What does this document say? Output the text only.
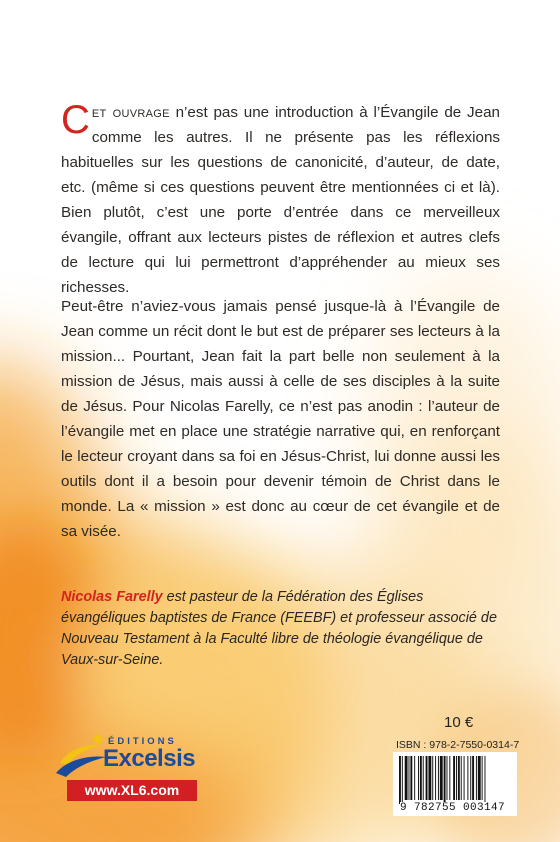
Cet ouvrage n’est pas une introduction à l’Évangile de Jean comme les autres. Il ne présente pas les réflexions habituelles sur les questions de canonicité, d’auteur, de date, etc. (même si ces questions peuvent être mentionnées ci et là). Bien plutôt, c’est une porte d’entrée dans ce merveilleux évangile, offrant aux lecteurs pistes de réflexion et autres clefs de lecture qui lui permettront d’appréhender au mieux ses richesses.

Peut-être n’aviez-vous jamais pensé jusque-là à l’Évangile de Jean comme un récit dont le but est de préparer ses lecteurs à la mission... Pourtant, Jean fait la part belle non seulement à la mission de Jésus, mais aussi à celle de ses disciples à la suite de Jésus. Pour Nicolas Farelly, ce n’est pas anodin : l’auteur de l’évangile met en place une stratégie narrative qui, en renforçant le lecteur croyant dans sa foi en Jésus-Christ, lui donne aussi les outils dont il a besoin pour devenir témoin de Christ dans le monde. La « mission » est donc au cœur de cet évangile et de sa visée.

Nicolas Farelly est pasteur de la Fédération des Églises évangéliques baptistes de France (FEEBF) et professeur associé de Nouveau Testament à la Faculté libre de théologie évangélique de Vaux-sur-Seine.

ÉDITIONS
Excelsis
www.XL6.com
10 €
ISBN : 978-2-7550-0314-7
9 782755 003147
